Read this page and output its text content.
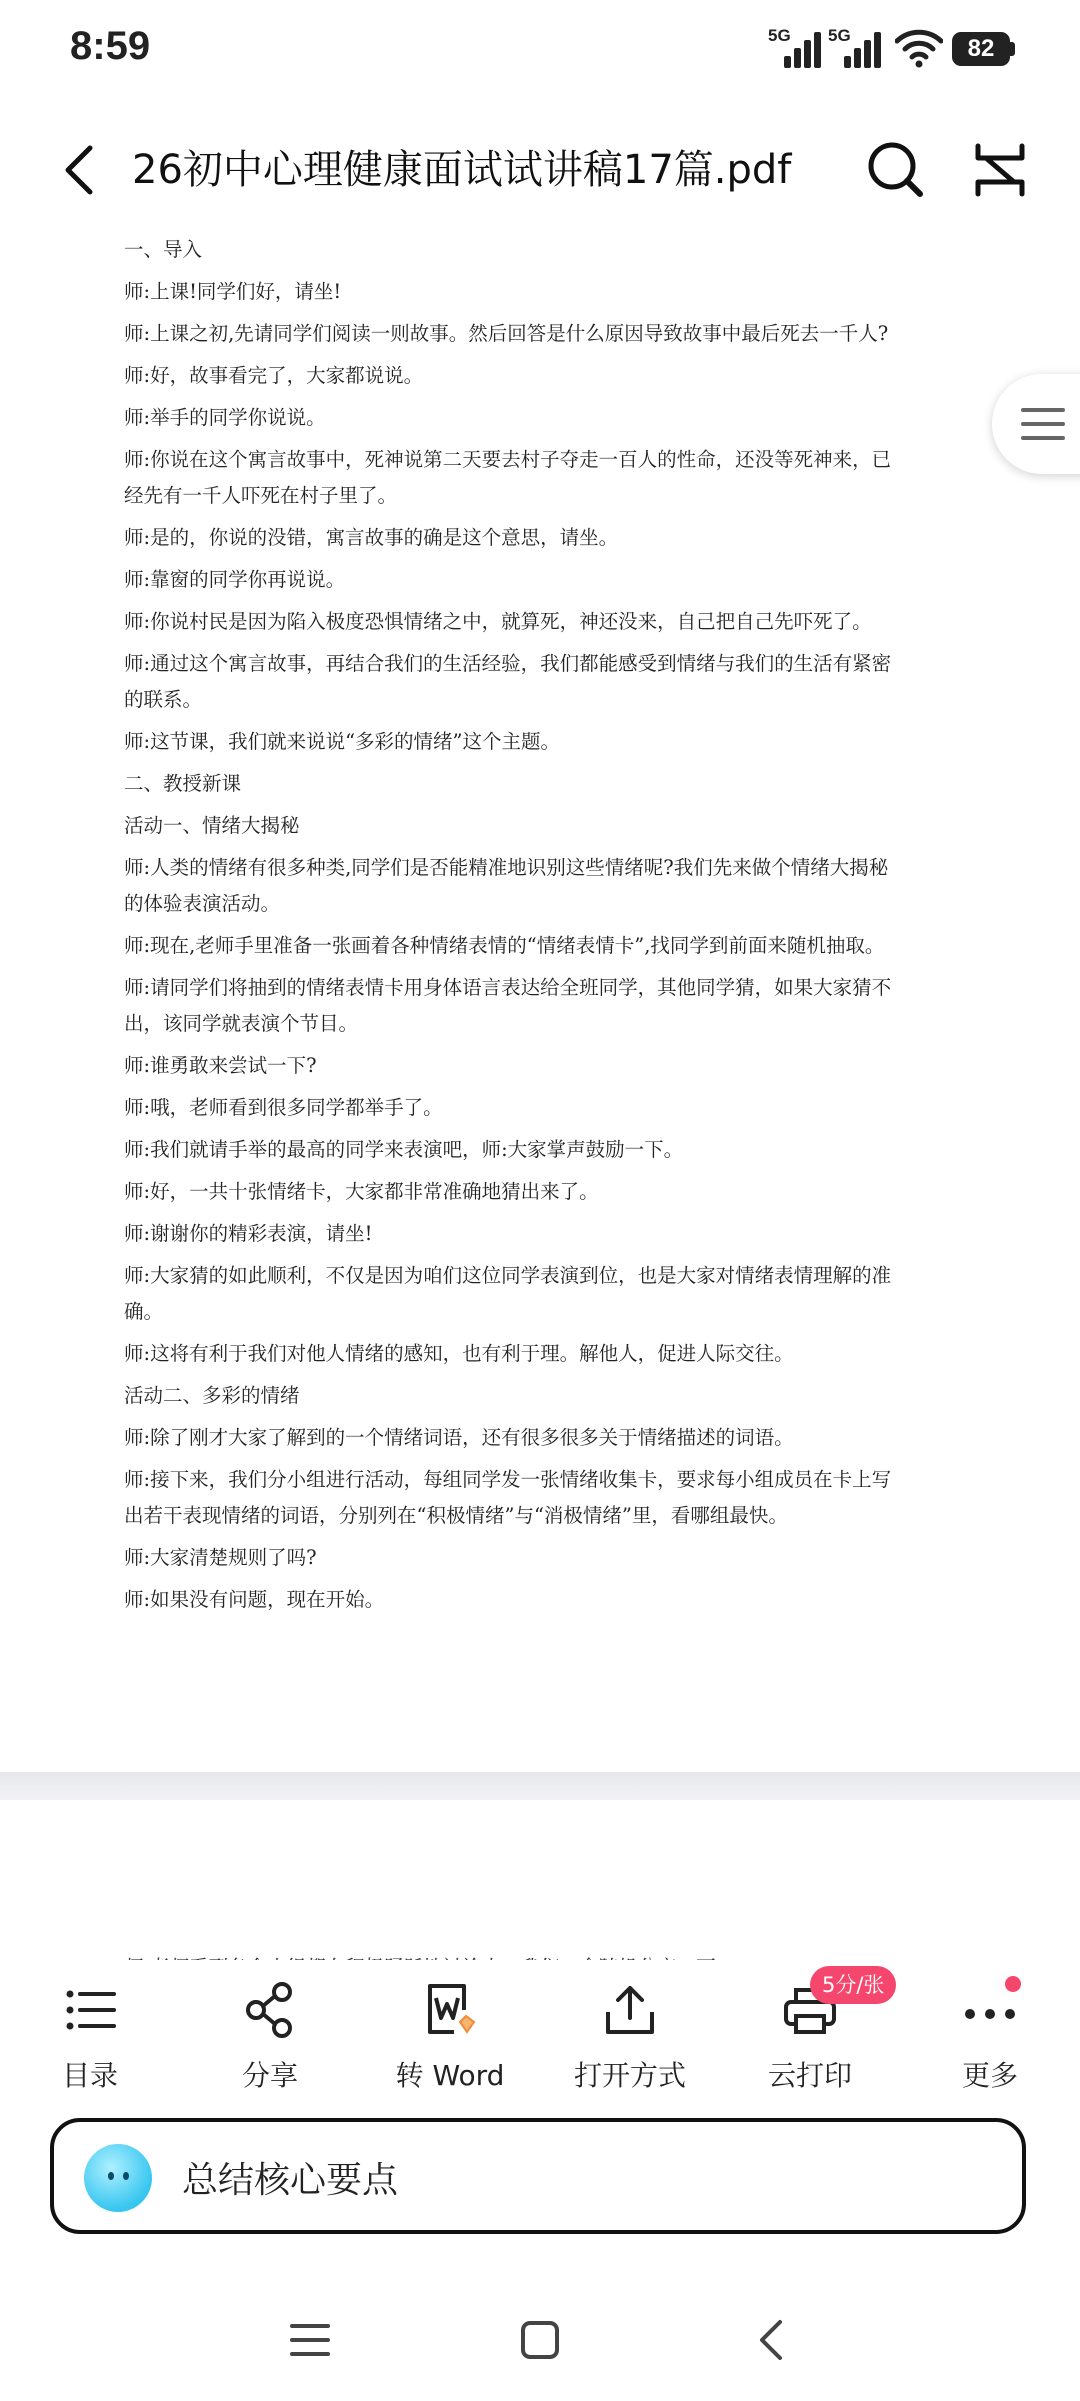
8:59	5G 5G	82
26初中心理健康面试试讲稿17篇.pdf
一、导入
师:上课!同学们好，请坐!
师:上课之初,先请同学们阅读一则故事。然后回答是什么原因导致故事中最后死去一千人?
师:好，故事看完了，大家都说说。
师:举手的同学你说说。
师:你说在这个寓言故事中，死神说第二天要去村子夺走一百人的性命，还没等死神来，已
经先有一千人吓死在村子里了。
师:是的，你说的没错，寓言故事的确是这个意思，请坐。
师:靠窗的同学你再说说。
师:你说村民是因为陷入极度恐惧情绪之中，就算死，神还没来，自己把自己先吓死了。
师:通过这个寓言故事，再结合我们的生活经验，我们都能感受到情绪与我们的生活有紧密
的联系。
师:这节课，我们就来说说“多彩的情绪”这个主题。
二、教授新课
活动一、情绪大揭秘
师:人类的情绪有很多种类,同学们是否能精准地识别这些情绪呢?我们先来做个情绪大揭秘
的体验表演活动。
师:现在,老师手里准备一张画着各种情绪表情的“情绪表情卡”,找同学到前面来随机抽取。
师:请同学们将抽到的情绪表情卡用身体语言表达给全班同学，其他同学猜，如果大家猜不
出，该同学就表演个节目。
师:谁勇敢来尝试一下?
师:哦，老师看到很多同学都举手了。
师:我们就请手举的最高的同学来表演吧，师:大家掌声鼓励一下。
师:好，一共十张情绪卡，大家都非常准确地猜出来了。
师:谢谢你的精彩表演，请坐!
师:大家猜的如此顺利，不仅是因为咱们这位同学表演到位，也是大家对情绪表情理解的准
确。
师:这将有利于我们对他人情绪的感知，也有利于理。解他人，促进人际交往。
活动二、多彩的情绪
师:除了刚才大家了解到的一个情绪词语，还有很多很多关于情绪描述的词语。
师:接下来，我们分小组进行活动，每组同学发一张情绪收集卡，要求每小组成员在卡上写
出若干表现情绪的词语，分别列在“积极情绪”与“消极情绪”里，看哪组最快。
师:大家清楚规则了吗?
师:如果没有问题，现在开始。
目录	分享	转 Word	打开方式	云打印	更多
5分/张
总结核心要点
